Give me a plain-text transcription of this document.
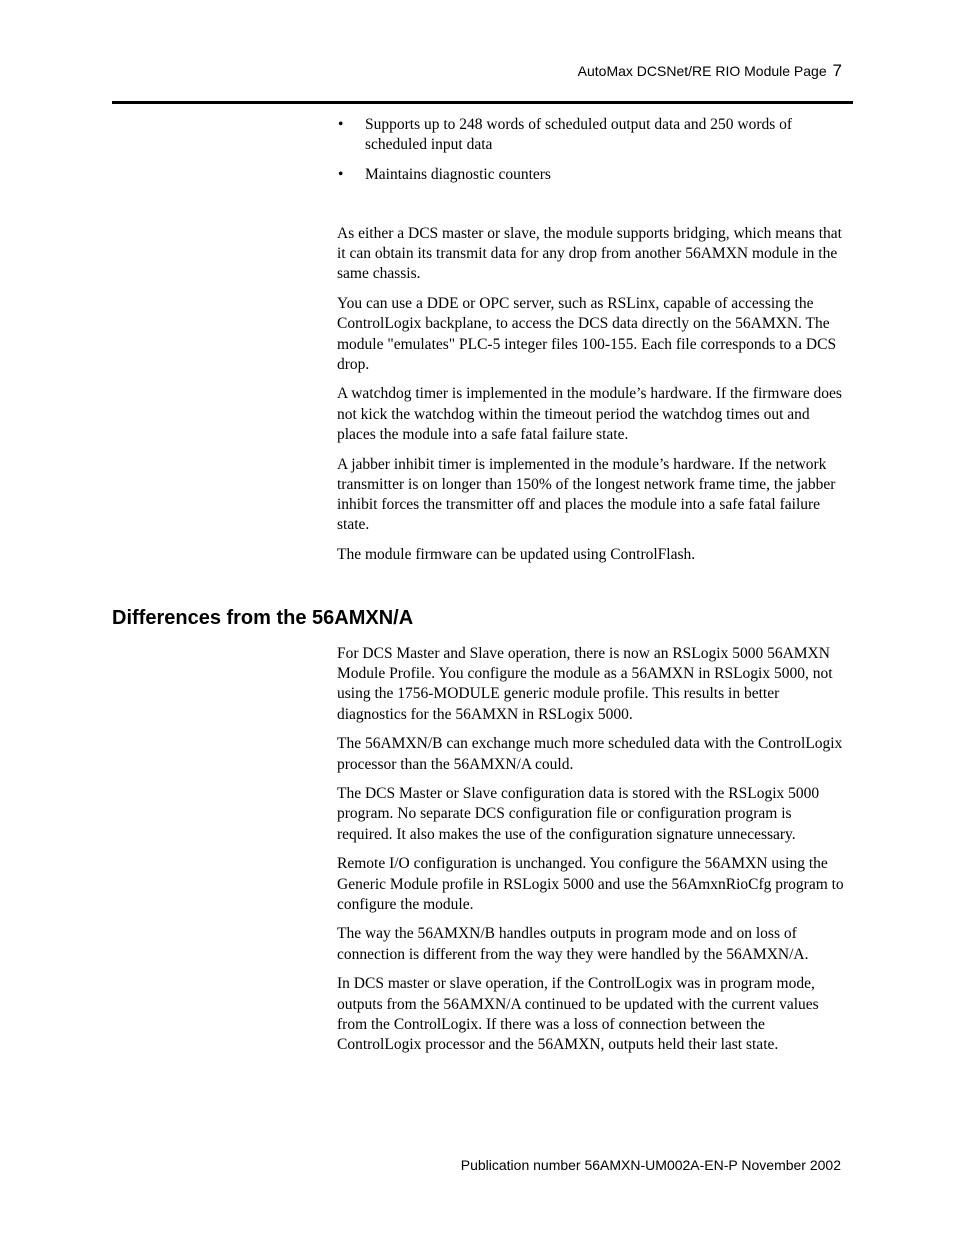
AutoMax DCSNet/RE RIO Module Page 7
• Supports up to 248 words of scheduled output data and 250 words of scheduled input data
• Maintains diagnostic counters

As either a DCS master or slave, the module supports bridging, which means that it can obtain its transmit data for any drop from another 56AMXN module in the same chassis.

You can use a DDE or OPC server, such as RSLinx, capable of accessing the ControlLogix backplane, to access the DCS data directly on the 56AMXN. The module "emulates" PLC-5 integer files 100-155. Each file corresponds to a DCS drop.

A watchdog timer is implemented in the module’s hardware. If the firmware does not kick the watchdog within the timeout period the watchdog times out and places the module into a safe fatal failure state.

A jabber inhibit timer is implemented in the module’s hardware. If the network transmitter is on longer than 150% of the longest network frame time, the jabber inhibit forces the transmitter off and places the module into a safe fatal failure state.

The module firmware can be updated using ControlFlash.

Differences from the 56AMXN/A

For DCS Master and Slave operation, there is now an RSLogix 5000 56AMXN Module Profile. You configure the module as a 56AMXN in RSLogix 5000, not using the 1756-MODULE generic module profile. This results in better diagnostics for the 56AMXN in RSLogix 5000.

The 56AMXN/B can exchange much more scheduled data with the ControlLogix processor than the 56AMXN/A could.

The DCS Master or Slave configuration data is stored with the RSLogix 5000 program. No separate DCS configuration file or configuration program is required. It also makes the use of the configuration signature unnecessary.

Remote I/O configuration is unchanged. You configure the 56AMXN using the Generic Module profile in RSLogix 5000 and use the 56AmxnRioCfg program to configure the module.

The way the 56AMXN/B handles outputs in program mode and on loss of connection is different from the way they were handled by the 56AMXN/A.

In DCS master or slave operation, if the ControlLogix was in program mode, outputs from the 56AMXN/A continued to be updated with the current values from the ControlLogix. If there was a loss of connection between the ControlLogix processor and the 56AMXN, outputs held their last state.

Publication number 56AMXN-UM002A-EN-P November 2002
